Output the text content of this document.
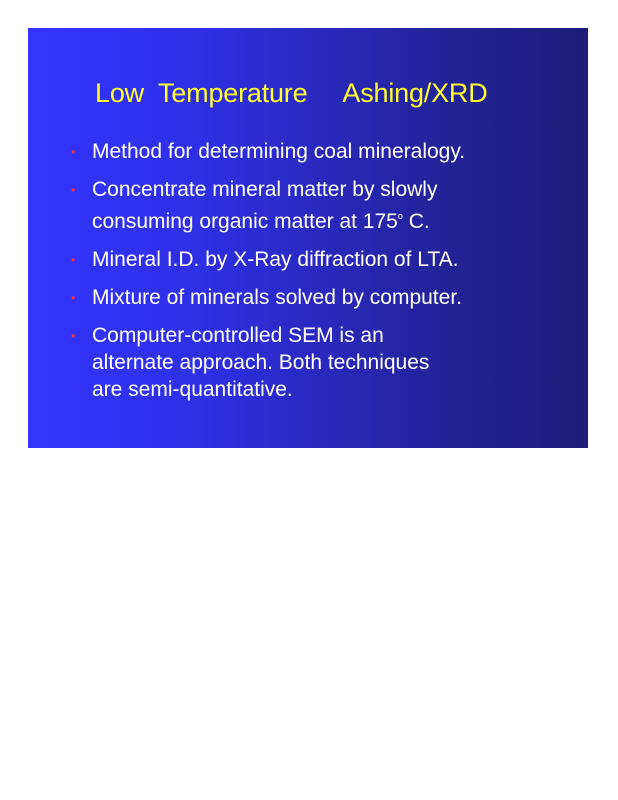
Low  Temperature     Ashing/XRD
• Method for determining coal mineralogy.
• Concentrate mineral matter by slowly
consuming organic matter at 175$^o$ C.
• Mineral I.D. by X-Ray diffraction of LTA.
• Mixture of minerals solved by computer.
• Computer-controlled SEM is an
alternate approach. Both techniques
are semi-quantitative.
